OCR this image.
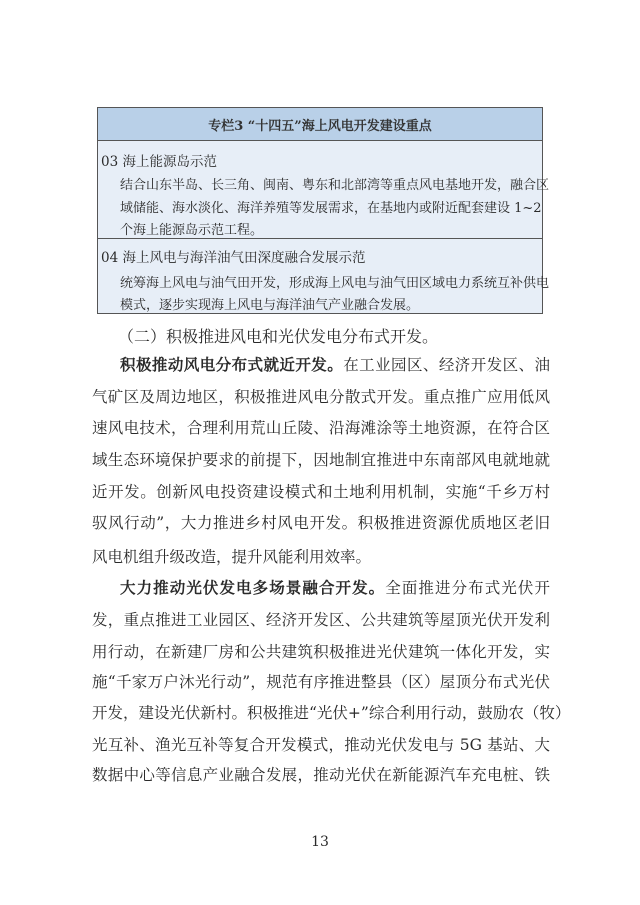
专栏3 “十四五”海上风电开发建设重点
03 海上能源岛示范
结合山东半岛、长三角、闽南、粤东和北部湾等重点风电基地开发，融合区
域储能、海水淡化、海洋养殖等发展需求，在基地内或附近配套建设 1~2
个海上能源岛示范工程。
04 海上风电与海洋油气田深度融合发展示范
统筹海上风电与油气田开发，形成海上风电与油气田区域电力系统互补供电
模式，逐步实现海上风电与海洋油气产业融合发展。
（二）积极推进风电和光伏发电分布式开发。
积极推动风电分布式就近开发。在工业园区、经济开发区、油
气矿区及周边地区，积极推进风电分散式开发。重点推广应用低风
速风电技术，合理利用荒山丘陵、沿海滩涂等土地资源，在符合区
域生态环境保护要求的前提下，因地制宜推进中东南部风电就地就
近开发。创新风电投资建设模式和土地利用机制，实施“千乡万村
驭风行动”，大力推进乡村风电开发。积极推进资源优质地区老旧
风电机组升级改造，提升风能利用效率。
大力推动光伏发电多场景融合开发。全面推进分布式光伏开
发，重点推进工业园区、经济开发区、公共建筑等屋顶光伏开发利
用行动，在新建厂房和公共建筑积极推进光伏建筑一体化开发，实
施“千家万户沐光行动”，规范有序推进整县（区）屋顶分布式光伏
开发，建设光伏新村。积极推进“光伏+”综合利用行动，鼓励农（牧）
光互补、渔光互补等复合开发模式，推动光伏发电与 5G 基站、大
数据中心等信息产业融合发展，推动光伏在新能源汽车充电桩、铁
13
